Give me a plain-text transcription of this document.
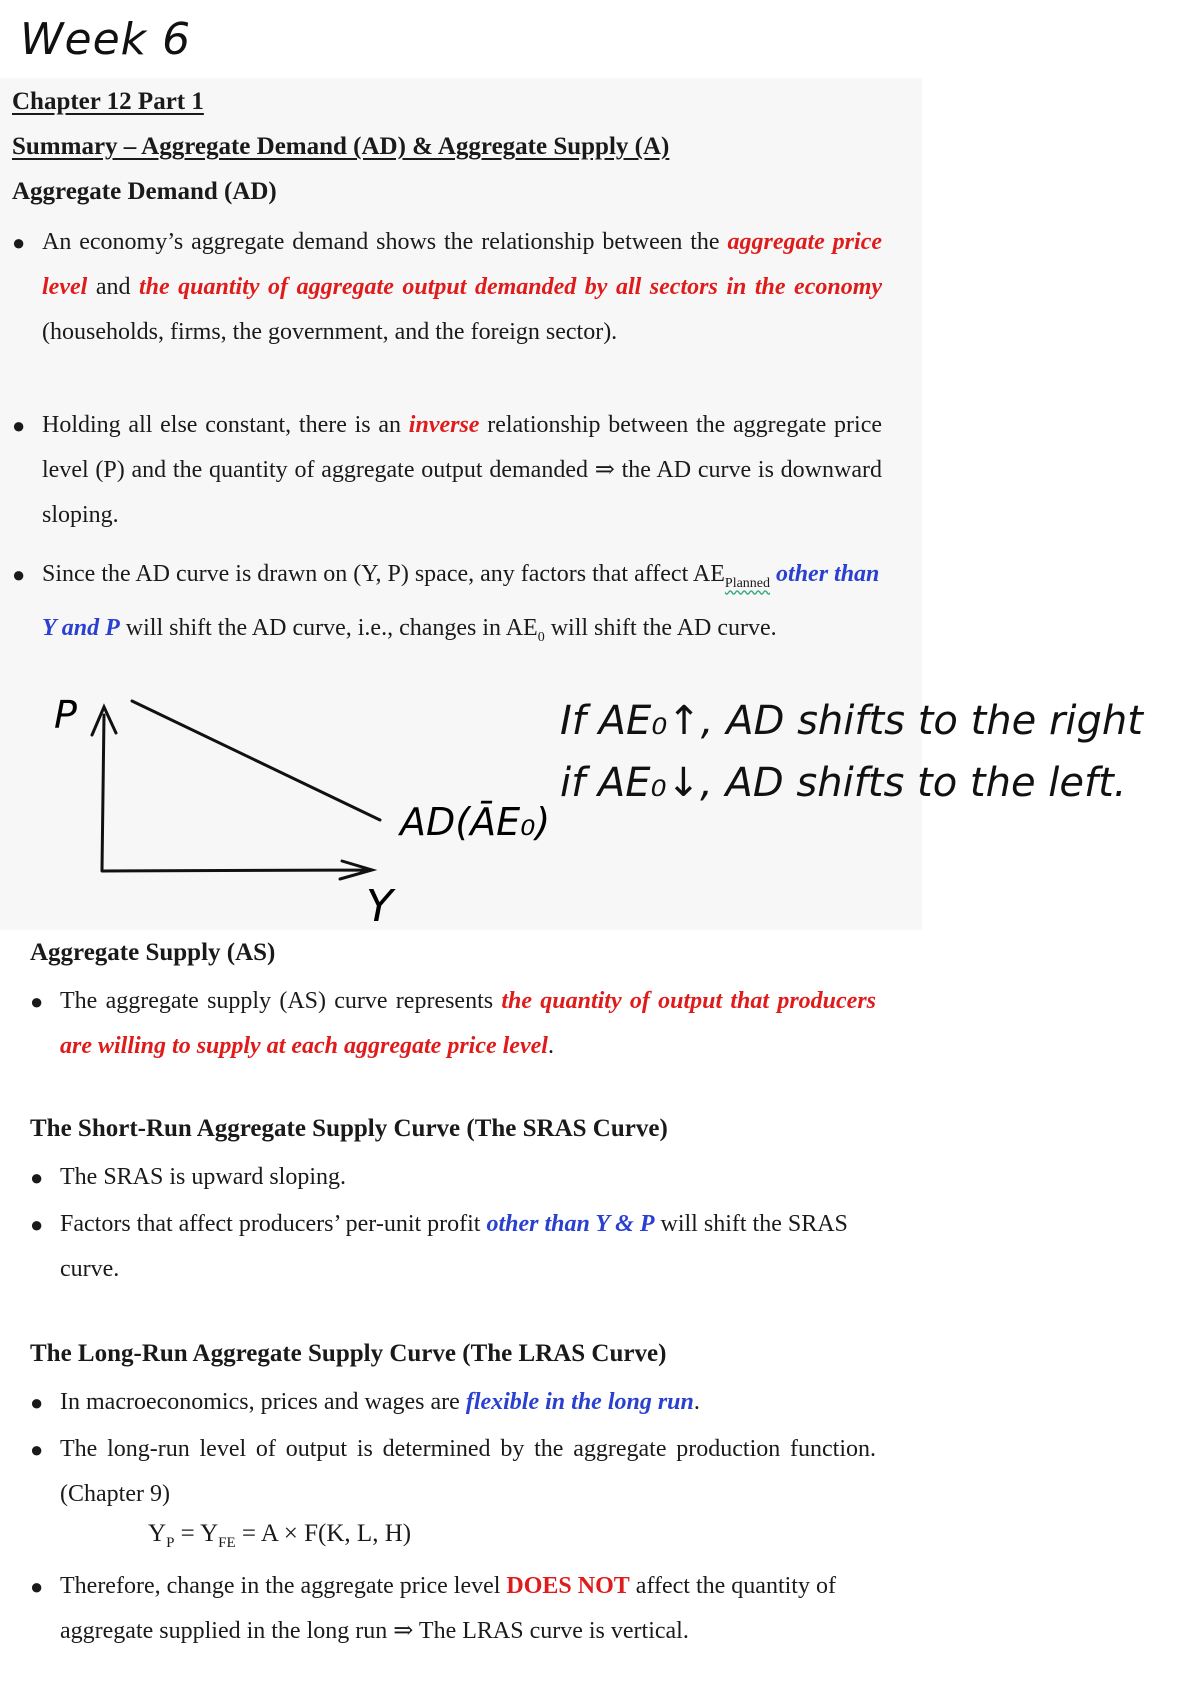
Week 6
Chapter 12 Part 1
Summary – Aggregate Demand (AD) & Aggregate Supply (A)
Aggregate Demand (AD)
● An economy’s aggregate demand shows the relationship between the aggregate price level and the quantity of aggregate output demanded by all sectors in the economy (households, firms, the government, and the foreign sector).
● Holding all else constant, there is an inverse relationship between the aggregate price level (P) and the quantity of aggregate output demanded ⇒ the AD curve is downward sloping.
● Since the AD curve is drawn on (Y, P) space, any factors that affect $AE_{Planned}$ other than Y and P will shift the AD curve, i.e., changes in $AE_0$ will shift the AD curve.
P
Y
AD(ĀE₀)
If AE₀↑, AD shifts to the right
if AE₀↓, AD shifts to the left.
Aggregate Supply (AS)
● The aggregate supply (AS) curve represents the quantity of output that producers are willing to supply at each aggregate price level.
The Short-Run Aggregate Supply Curve (The SRAS Curve)
● The SRAS is upward sloping.
● Factors that affect producers’ per-unit profit other than Y & P will shift the SRAS curve.
The Long-Run Aggregate Supply Curve (The LRAS Curve)
● In macroeconomics, prices and wages are flexible in the long run.
● The long-run level of output is determined by the aggregate production function. (Chapter 9)
$Y_P = Y_{FE} = A \times F(K$, L, H)
● Therefore, change in the aggregate price level DOES NOT affect the quantity of aggregate supplied in the long run ⇒ The LRAS curve is vertical.
